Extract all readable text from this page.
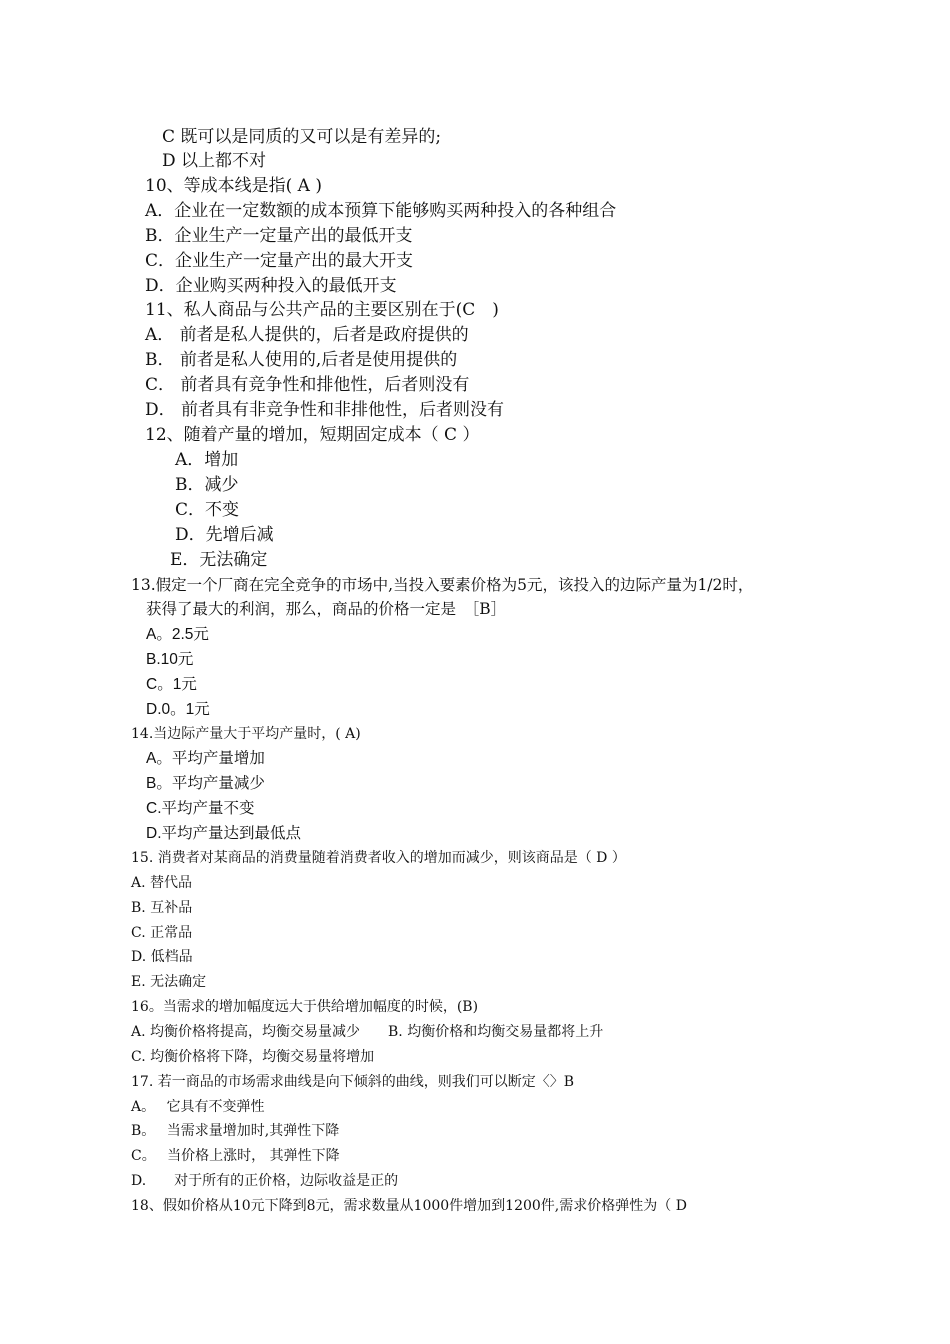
C 既可以是同质的又可以是有差异的;
D 以上都不对
10、等成本线是指( A )
A．企业在一定数额的成本预算下能够购买两种投入的各种组合
B．企业生产一定量产出的最低开支
C．企业生产一定量产出的最大开支
D．企业购买两种投入的最低开支
11、私人商品与公共产品的主要区别在于(C　)
A． 前者是私人提供的，后者是政府提供的
B． 前者是私人使用的,后者是使用提供的
C． 前者具有竞争性和排他性，后者则没有
D． 前者具有非竞争性和非排他性，后者则没有
12、随着产量的增加，短期固定成本（ C ）
A．增加
B．减少
C．不变
D．先增后减
E．无法确定
13.假定一个厂商在完全竞争的市场中,当投入要素价格为5元，该投入的边际产量为1/2时，
获得了最大的利润，那么，商品的价格一定是　［B］
A。2.5元
B.10元
C。1元
D.0。1元
14.当边际产量大于平均产量时，( A)
A。平均产量增加
B。平均产量减少
C.平均产量不变
D.平均产量达到最低点
15. 消费者对某商品的消费量随着消费者收入的增加而减少，则该商品是（ D ）
A. 替代品
B. 互补品
C. 正常品
D. 低档品
E. 无法确定
16。当需求的增加幅度远大于供给增加幅度的时候，(B)
A. 均衡价格将提高，均衡交易量减少　　B. 均衡价格和均衡交易量都将上升
C. 均衡价格将下降，均衡交易量将增加
17. 若一商品的市场需求曲线是向下倾斜的曲线，则我们可以断定〈〉B
A。　 它具有不变弹性
B。　 当需求量增加时,其弹性下降
C。　 当价格上涨时， 其弹性下降
D.　　对于所有的正价格，边际收益是正的
18、假如价格从10元下降到8元，需求数量从1000件增加到1200件,需求价格弹性为（ D
